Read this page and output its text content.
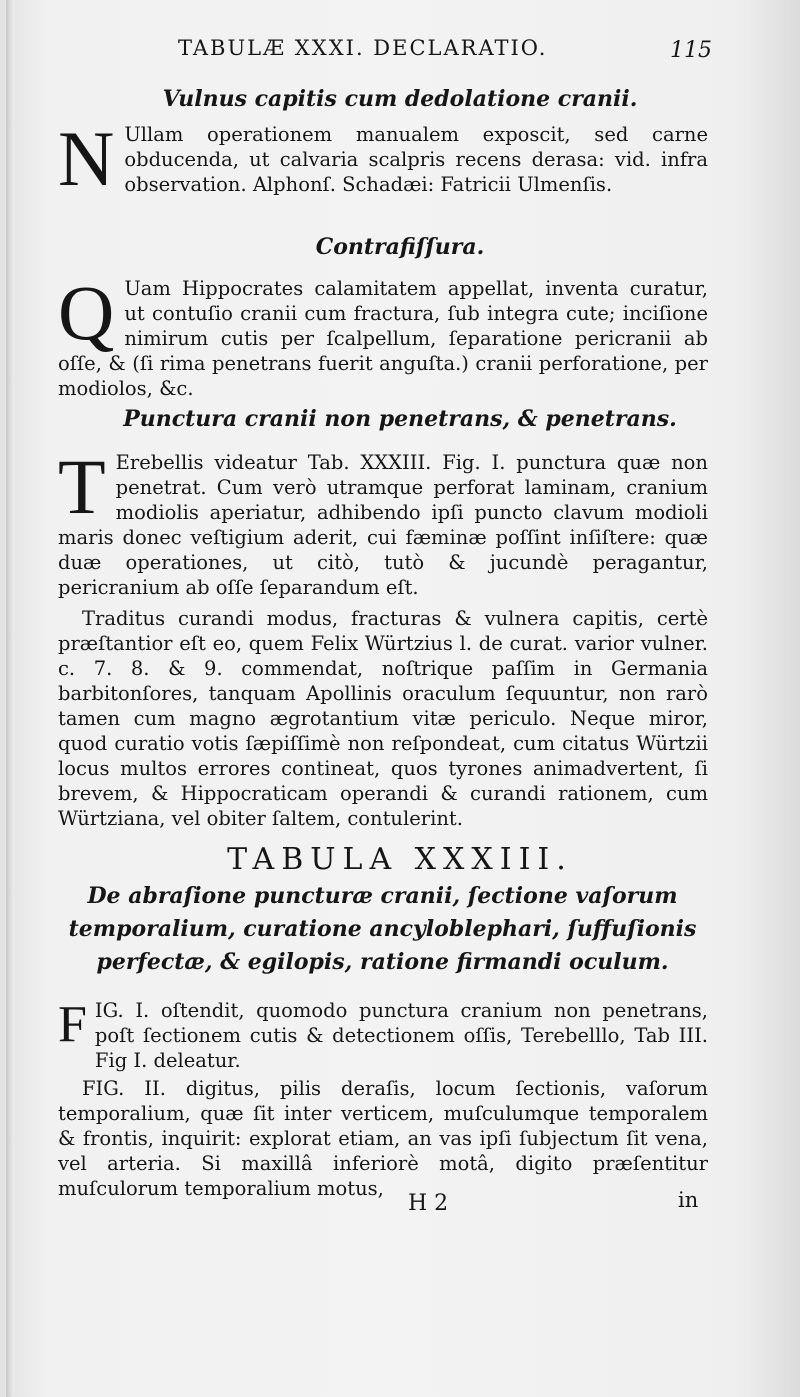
TABULÆ XXXI. DECLARATIO.	115
Vulnus capitis cum dedolatione cranii.
N Ullam operationem manualem exposcit, sed carne obducenda, ut calvaria scalpris recens derasa: vid. infra observation. Alphonſ. Schadæi: Fatricii Ulmenſis.
Contrafiſſura.
Q Uam Hippocrates calamitatem appellat, inventa curatur, ut contuſio cranii cum fractura, ſub integra cute; inciſione nimirum cutis per ſcalpellum, ſeparatione pericranii ab oſſe, & (ſi rima penetrans fuerit anguſta.) cranii perforatione, per modiolos, &c.
Punctura cranii non penetrans, & penetrans.
T Erebellis videatur Tab. XXXIII. Fig. I. punctura quæ non penetrat. Cum verò utramque perforat laminam, cranium modiolis aperiatur, adhibendo ipſi puncto clavum modioli maris donec veſtigium aderit, cui fæminæ poſſint inſiſtere: quæ duæ operationes, ut citò, tutò & jucundè peragantur, pericranium ab oſſe ſeparandum eſt.
Traditus curandi modus, fracturas & vulnera capitis, certè præſtantior eſt eo, quem Felix Würtzius l. de curat. varior vulner. c. 7. 8. & 9. commendat, noſtrique paſſim in Germania barbitonſores, tanquam Apollinis oraculum ſequuntur, non rarò tamen cum magno ægrotantium vitæ periculo. Neque miror, quod curatio votis ſæpiſſimè non reſpondeat, cum citatus Würtzii locus multos errores contineat, quos tyrones animadvertent, ſi brevem, & Hippocraticam operandi & curandi rationem, cum Würtziana, vel obiter ſaltem, contulerint.
TABULA XXXIII.
De abraſione puncturæ cranii, ſectione vaſorum temporalium, curatione ancyloblephari, ſuffuſionis perfectæ, & egilopis, ratione firmandi oculum.
F IG. I. oſtendit, quomodo punctura cranium non penetrans, poſt ſectionem cutis & detectionem oſſis, Terebelllo, Tab III. Fig I. deleatur.
FIG. II. digitus, pilis deraſis, locum ſectionis, vaſorum temporalium, quæ ſit inter verticem, muſculumque temporalem & frontis, inquirit: explorat etiam, an vas ipſi ſubjectum ſit vena, vel arteria. Si maxillâ inferiorè motâ, digito præſentitur muſculorum temporalium motus,
H 2	in
